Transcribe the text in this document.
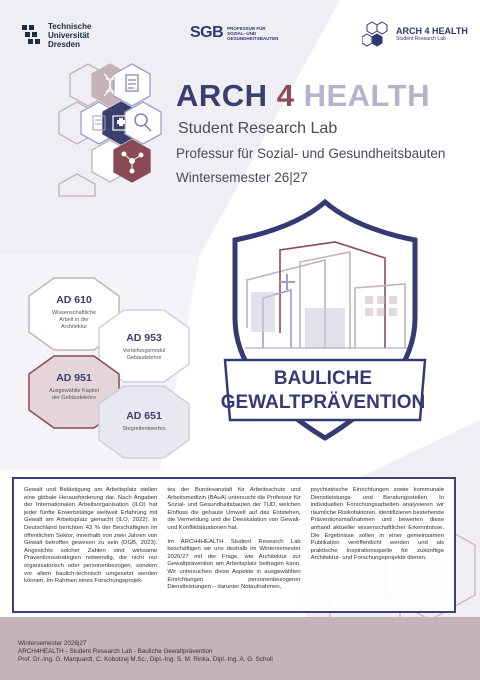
Technische
Universität
Dresden
SGB PROFESSUR FÜR
SOZIAL- UND
GESUNDHEITSBAUTEN
ARCH 4 HEALTH
Student Research Lab
ARCH 4 HEALTH
Student Research Lab
Professur für Sozial- und Gesundheitsbauten
Wintersemester 26|27
AD 610
Wissenschaftliche
Arbeit in der
Architektur
AD 953
Vertiefungsmodul
Gebäudelehre
AD 951
Ausgewählte Kapitel
der Gebäudelehre
AD 651
Stegreifentwerfen
BAULICHE
GEWALTPRÄVENTION

Gewalt und Belästigung am Arbeitsplatz stellen eine globale Herausforderung dar. Nach Angaben der Internationalen Arbeitsorganisation (ILO) hat jeder fünfte Erwerbstätige weltweit Erfahrung mit Gewalt am Arbeitsplatz gemacht (ILO, 2022). In Deutschland berichten 43 % der Beschäftigten im öffentlichen Sektor, innerhalb von zwei Jahren von Gewalt betroffen gewesen zu sein (DGB, 2023). Angesichts solcher Zahlen sind wirksame Präventionsstrategien notwendig, die nicht nur organisatorisch oder personenbezogen, sondern vor allem baulich-technisch umgesetzt werden können. Im Rahmen eines Forschungsprojek-

tes der Bundesanstalt für Arbeitsschutz und Arbeitsmedizin (BAuA) untersucht die Professur für Sozial- und Gesundheitsbauten der TUD, welchen Einfluss die gebaute Umwelt auf das Entstehen, die Vermeidung und die Deeskalation von Gewalt- und Konfliktsituationen hat.

Im ARCH4HEALTH Student Research Lab beschäftigen wir uns deshalb im Wintersemester 2026/27 mit der Frage, wie Architektur zur Gewaltprävention am Arbeitsplatz beitragen kann. Wir untersuchen diese Aspekte in ausgewählten Einrichtungen personenbezogener Dienstleistungen – darunter Notaufnahmen,

psychiatrische Einrichtungen sowie kommunale Dienstleistungs- und Beratungsstellen. In individuellen Forschungsarbeiten analysieren wir räumliche Risikofaktoren, identifizieren bestehende Präventionsmaßnahmen und bewerten diese anhand aktueller wissenschaftlicher Erkenntnisse. Die Ergebnisse sollen in einer gemeinsamen Publikation veröffentlicht werden und als praktische Inspirationsquelle für zukünftige Architektur- und Forschungsprojekte dienen.

Wintersemester 2026|27
ARCH4HEALTH - Student Research Lab - Bauliche Gewaltprävention
Prof. Dr.-Ing. G. Marquardt, C. Kobotzej M.Sc., Dipl.-Ing. S. M. Rinka, Dipl.-Ing. A. G. Scholl
